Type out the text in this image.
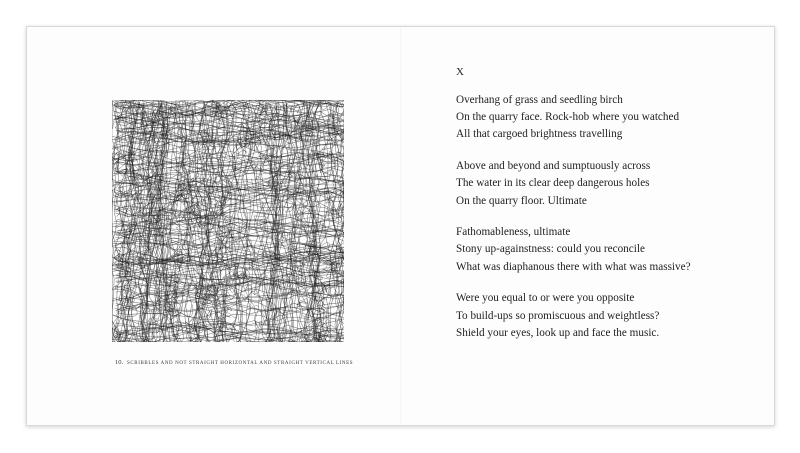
10. SCRIBBLES AND NOT STRAIGHT HORIZONTAL AND STRAIGHT VERTICAL LINES
X
Overhang of grass and seedling birch
On the quarry face. Rock-hob where you watched
All that cargoed brightness travelling
Above and beyond and sumptuously across
The water in its clear deep dangerous holes
On the quarry floor. Ultimate
Fathomableness, ultimate
Stony up-againstness: could you reconcile
What was diaphanous there with what was massive?
Were you equal to or were you opposite
To build-ups so promiscuous and weightless?
Shield your eyes, look up and face the music.
